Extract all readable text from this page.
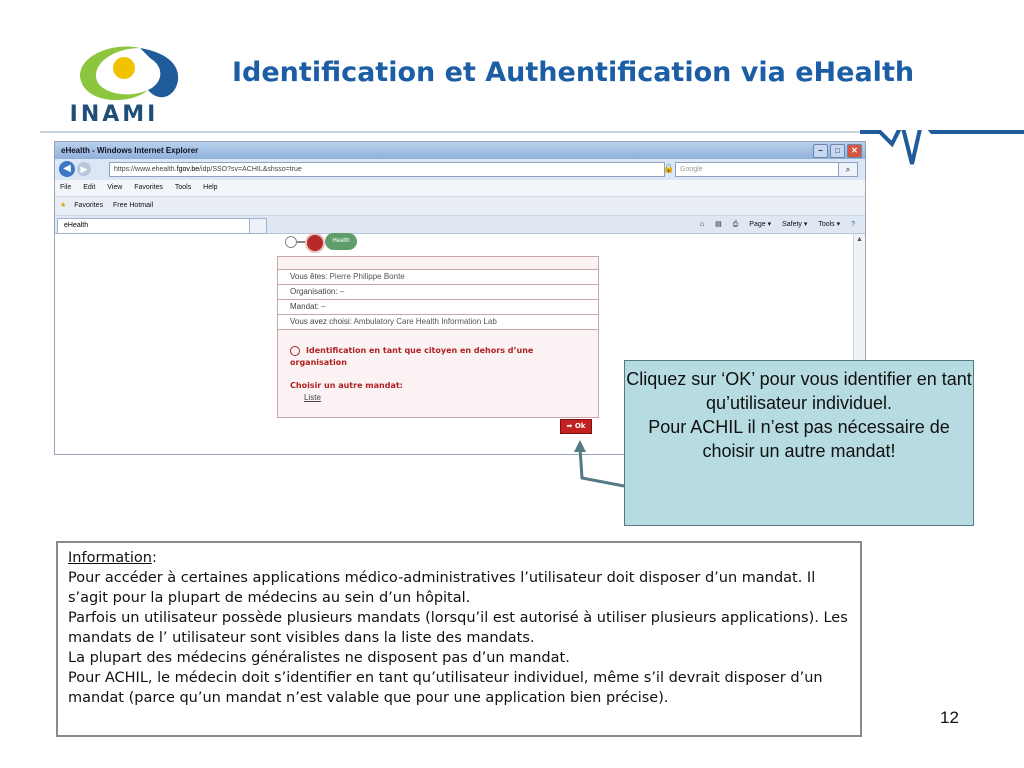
INAMI
Identification et Authentification via eHealth
eHealth - Windows Internet Explorer	–	□	✕
◀	▶	https://www.ehealth.fgov.be/idp/SSO?sv=ACHIL&shsso=true	🔒 Google	⌕
File Edit View Favorites Tools Help
★ Favorites Free Hotmail
eHealth	⌂ ▤ ⎙ Page ▾ Safety ▾ Tools ▾ ?
Health
Vous êtes: Pierre Philippe Bonte
Organisation: –
Mandat: –
Vous avez choisi: Ambulatory Care Health Information Lab
Identification en tant que citoyen en dehors d’une organisation
Choisir un autre mandat:
Liste
➡ Ok
▲
Cliquez sur ‘OK’ pour vous identifier en tant qu’utilisateur individuel.
Pour ACHIL il n’est pas nécessaire de choisir un autre mandat!
Information:
Pour accéder à certaines applications médico-administratives l’utilisateur doit disposer d’un mandat. Il s’agit pour la plupart de médecins au sein d’un hôpital.
Parfois un utilisateur possède plusieurs mandats (lorsqu’il est autorisé à utiliser plusieurs applications). Les mandats de l’ utilisateur sont visibles dans la liste des mandats.
La plupart des médecins généralistes ne disposent pas d’un mandat.
Pour ACHIL, le médecin doit s’identifier en tant qu’utilisateur individuel, même s’il devrait disposer d’un mandat (parce qu’un mandat n’est valable que pour une application bien précise).
12
